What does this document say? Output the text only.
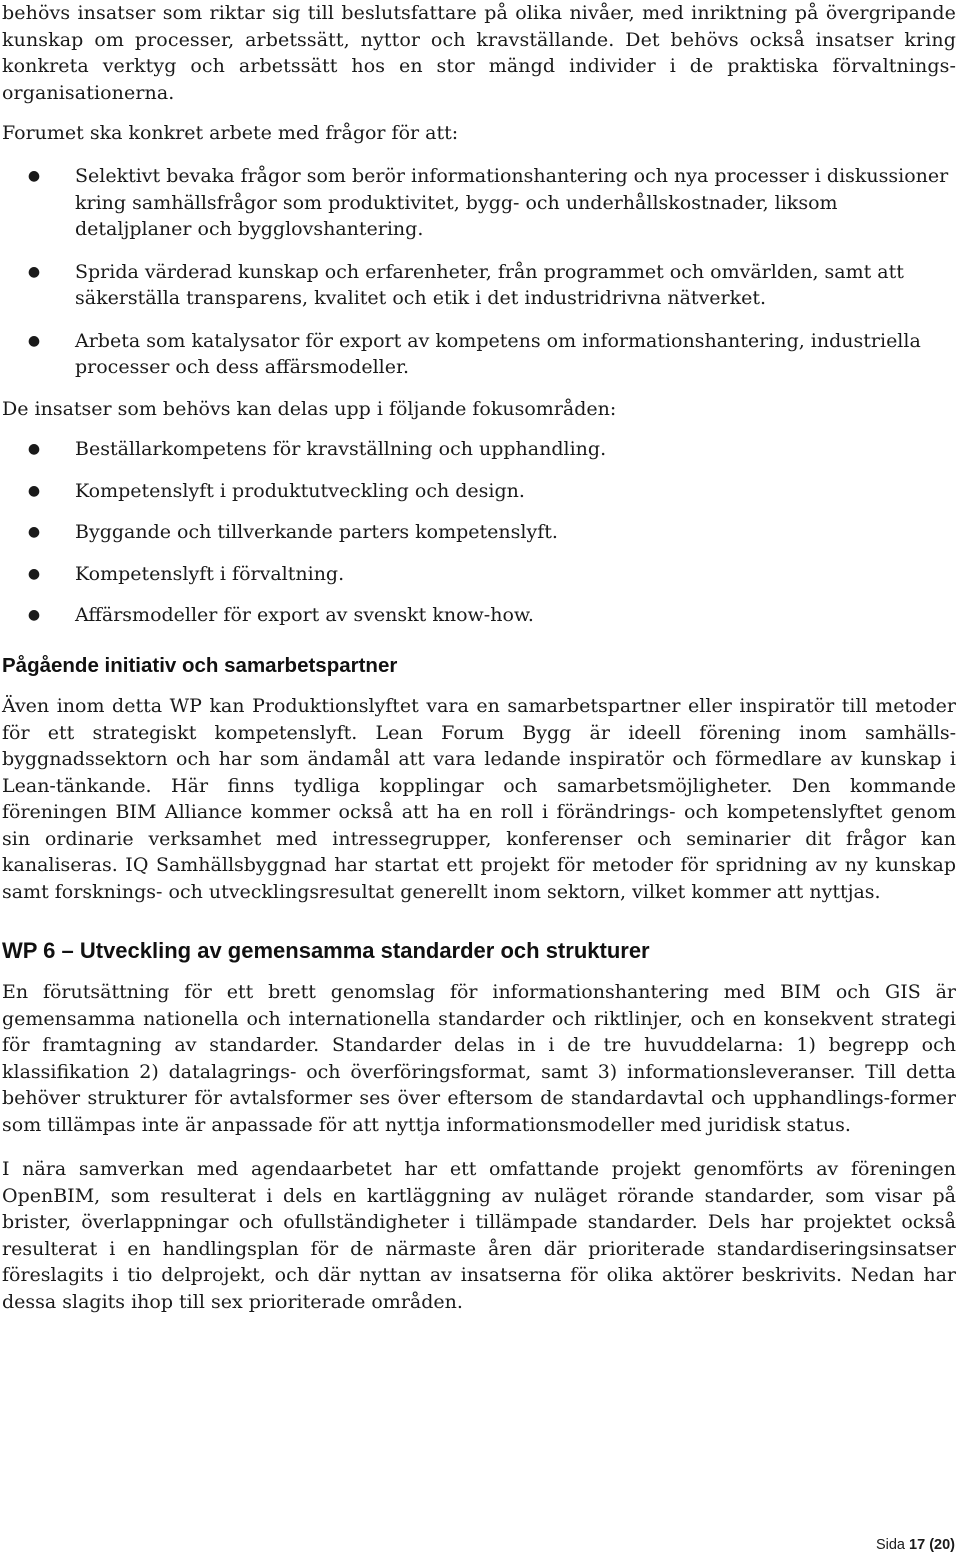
behövs insatser som riktar sig till beslutsfattare på olika nivåer, med inriktning på övergripande kunskap om processer, arbetssätt, nyttor och kravställande. Det behövs också insatser kring konkreta verktyg och arbetssätt hos en stor mängd individer i de praktiska förvaltnings-organisationerna.

Forumet ska konkret arbete med frågor för att:

● Selektivt bevaka frågor som berör informationshantering och nya processer i diskussioner kring samhällsfrågor som produktivitet, bygg- och underhållskostnader, liksom detaljplaner och bygglovshantering.
● Sprida värderad kunskap och erfarenheter, från programmet och omvärlden, samt att säkerställa transparens, kvalitet och etik i det industridrivna nätverket.
● Arbeta som katalysator för export av kompetens om informationshantering, industriella processer och dess affärsmodeller.

De insatser som behövs kan delas upp i följande fokusområden:

● Beställarkompetens för kravställning och upphandling.
● Kompetenslyft i produktutveckling och design.
● Byggande och tillverkande parters kompetenslyft.
● Kompetenslyft i förvaltning.
● Affärsmodeller för export av svenskt know-how.
Pågående initiativ och samarbetspartner

Även inom detta WP kan Produktionslyftet vara en samarbetspartner eller inspiratör till metoder för ett strategiskt kompetenslyft. Lean Forum Bygg är ideell förening inom samhälls-byggnadssektorn och har som ändamål att vara ledande inspiratör och förmedlare av kunskap i Lean-tänkande. Här finns tydliga kopplingar och samarbetsmöjligheter. Den kommande föreningen BIM Alliance kommer också att ha en roll i förändrings- och kompetenslyftet genom sin ordinarie verksamhet med intressegrupper, konferenser och seminarier dit frågor kan kanaliseras. IQ Samhällsbyggnad har startat ett projekt för metoder för spridning av ny kunskap samt forsknings- och utvecklingsresultat generellt inom sektorn, vilket kommer att nyttjas.

WP 6 – Utveckling av gemensamma standarder och strukturer

En förutsättning för ett brett genomslag för informationshantering med BIM och GIS är gemensamma nationella och internationella standarder och riktlinjer, och en konsekvent strategi för framtagning av standarder. Standarder delas in i de tre huvuddelarna: 1) begrepp och klassifikation 2) datalagrings- och överföringsformat, samt 3) informationsleveranser. Till detta behöver strukturer för avtalsformer ses över eftersom de standardavtal och upphandlings-former som tillämpas inte är anpassade för att nyttja informationsmodeller med juridisk status.

I nära samverkan med agendaarbetet har ett omfattande projekt genomförts av föreningen OpenBIM, som resulterat i dels en kartläggning av nuläget rörande standarder, som visar på brister, överlappningar och ofullständigheter i tillämpade standarder. Dels har projektet också resulterat i en handlingsplan för de närmaste åren där prioriterade standardiseringsinsatser föreslagits i tio delprojekt, och där nyttan av insatserna för olika aktörer beskrivits. Nedan har dessa slagits ihop till sex prioriterade områden.

Sida 17 (20)
